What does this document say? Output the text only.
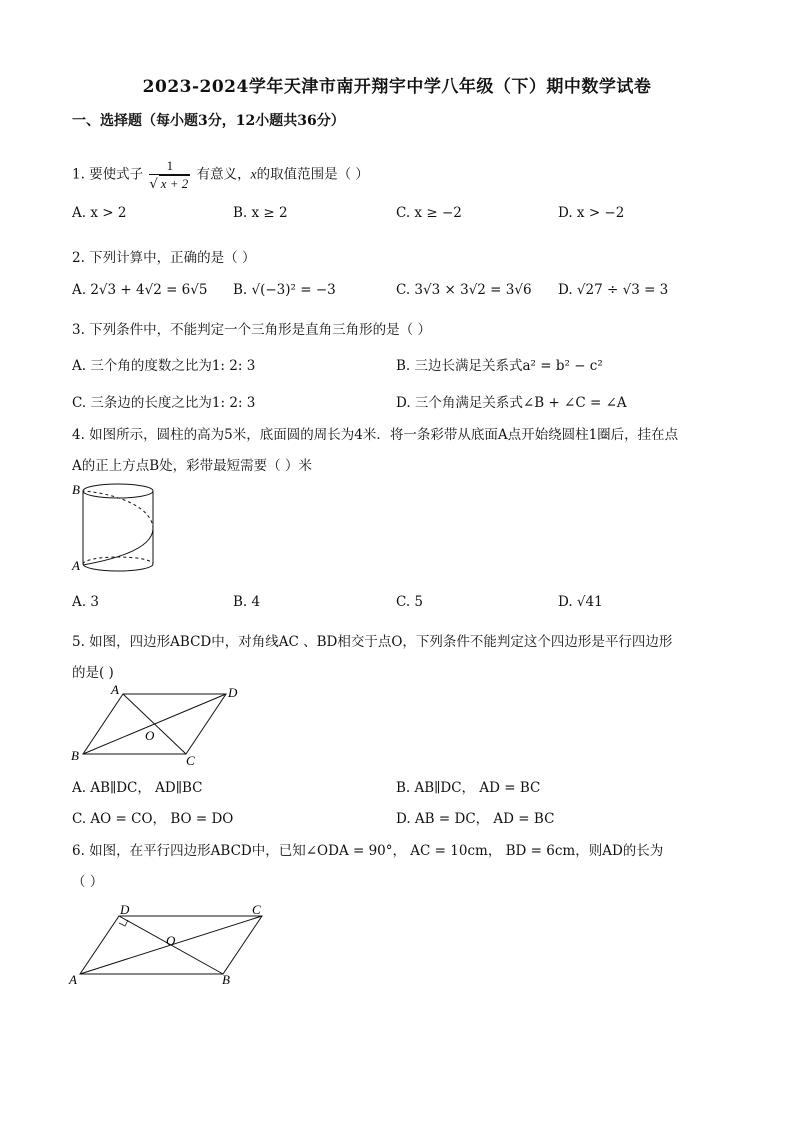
2023-2024学年天津市南开翔宇中学八年级（下）期中数学试卷
一、选择题（每小题3分，12小题共36分）
1. 要使式子 $\frac{1}{√ x + 2}$ 有意义，x的取值范围是（ ）
A. x > 2	B. x ≥ 2	C. x ≥ −2	D. x > −2
2. 下列计算中，正确的是（ ）
A. 2√3 + 4√2 = 6√5 B. √(−3)² = −3	C. 3√3 × 3√2 = 3√6 D. √27 ÷ √3 = 3
3. 下列条件中，不能判定一个三角形是直角三角形的是（ ）
A. 三个角的度数之比为1: 2: 3	B. 三边长满足关系式a² = b² − c²
C. 三条边的长度之比为1: 2: 3	D. 三个角满足关系式∠B + ∠C = ∠A
4. 如图所示，圆柱的高为5米，底面圆的周长为4米．将一条彩带从底面A点开始绕圆柱1圈后，挂在点
A的正上方点B处，彩带最短需要（ ）米
B
A
A. 3	B. 4	C. 5	D. √41
5. 如图，四边形ABCD中，对角线AC 、BD相交于点O，下列条件不能判定这个四边形是平行四边形
的是( )
A	D
B	C
O
A. AB∥DC， AD∥BC	B. AB∥DC， AD = BC
C. AO = CO， BO = DO	D. AB = DC， AD = BC
6. 如图，在平行四边形ABCD中，已知∠ODA = 90°， AC = 10cm， BD = 6cm，则AD的长为
（ ）
D	C
A	B
O
